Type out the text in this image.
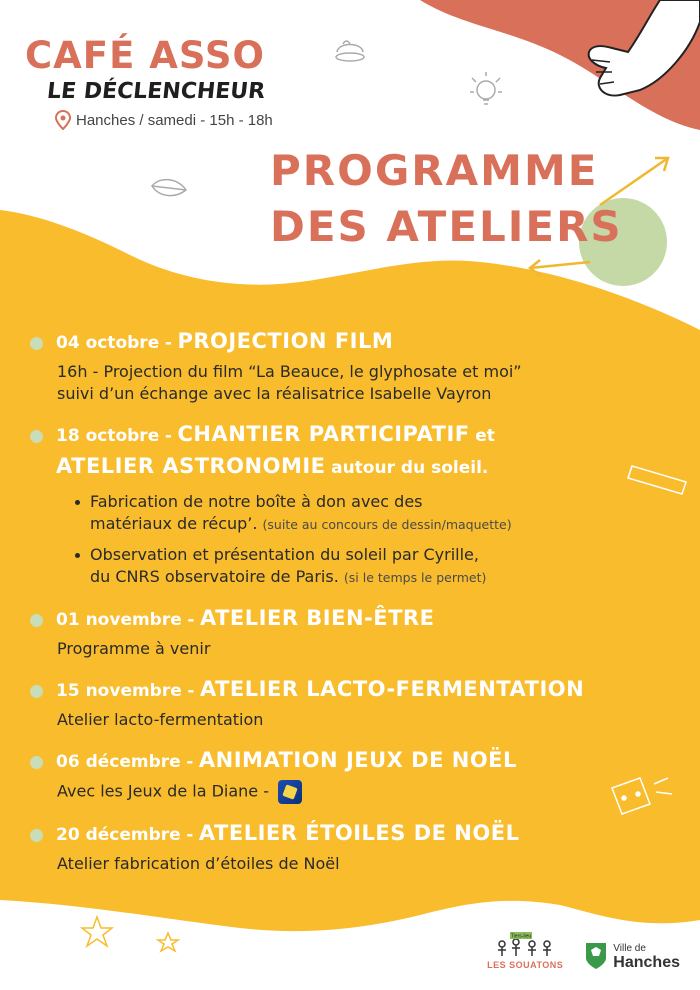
CAFÉ ASSO
LE DÉCLENCHEUR
Hanches / samedi - 15h - 18h
PROGRAMME
DES ATELIERS
04 octobre - PROJECTION FILM
16h - Projection du film “La Beauce, le glyphosate et moi”
suivi d’un échange avec la réalisatrice Isabelle Vayron
18 octobre - CHANTIER PARTICIPATIF et
ATELIER ASTRONOMIE autour du soleil.
Fabrication de notre boîte à don avec des
matériaux de récup’. (suite au concours de dessin/maquette)
Observation et présentation du soleil par Cyrille,
du CNRS observatoire de Paris. (si le temps le permet)
01 novembre - ATELIER BIEN-ÊTRE
Programme à venir
15 novembre - ATELIER LACTO-FERMENTATION
Atelier lacto-fermentation
06 décembre - ANIMATION JEUX DE NOËL
Avec les Jeux de la Diane -
20 décembre - ATELIER ÉTOILES DE NOËL
Atelier fabrication d’étoiles de Noël
Tiers-lieu
LES SOUATONS
Ville de
Hanches
